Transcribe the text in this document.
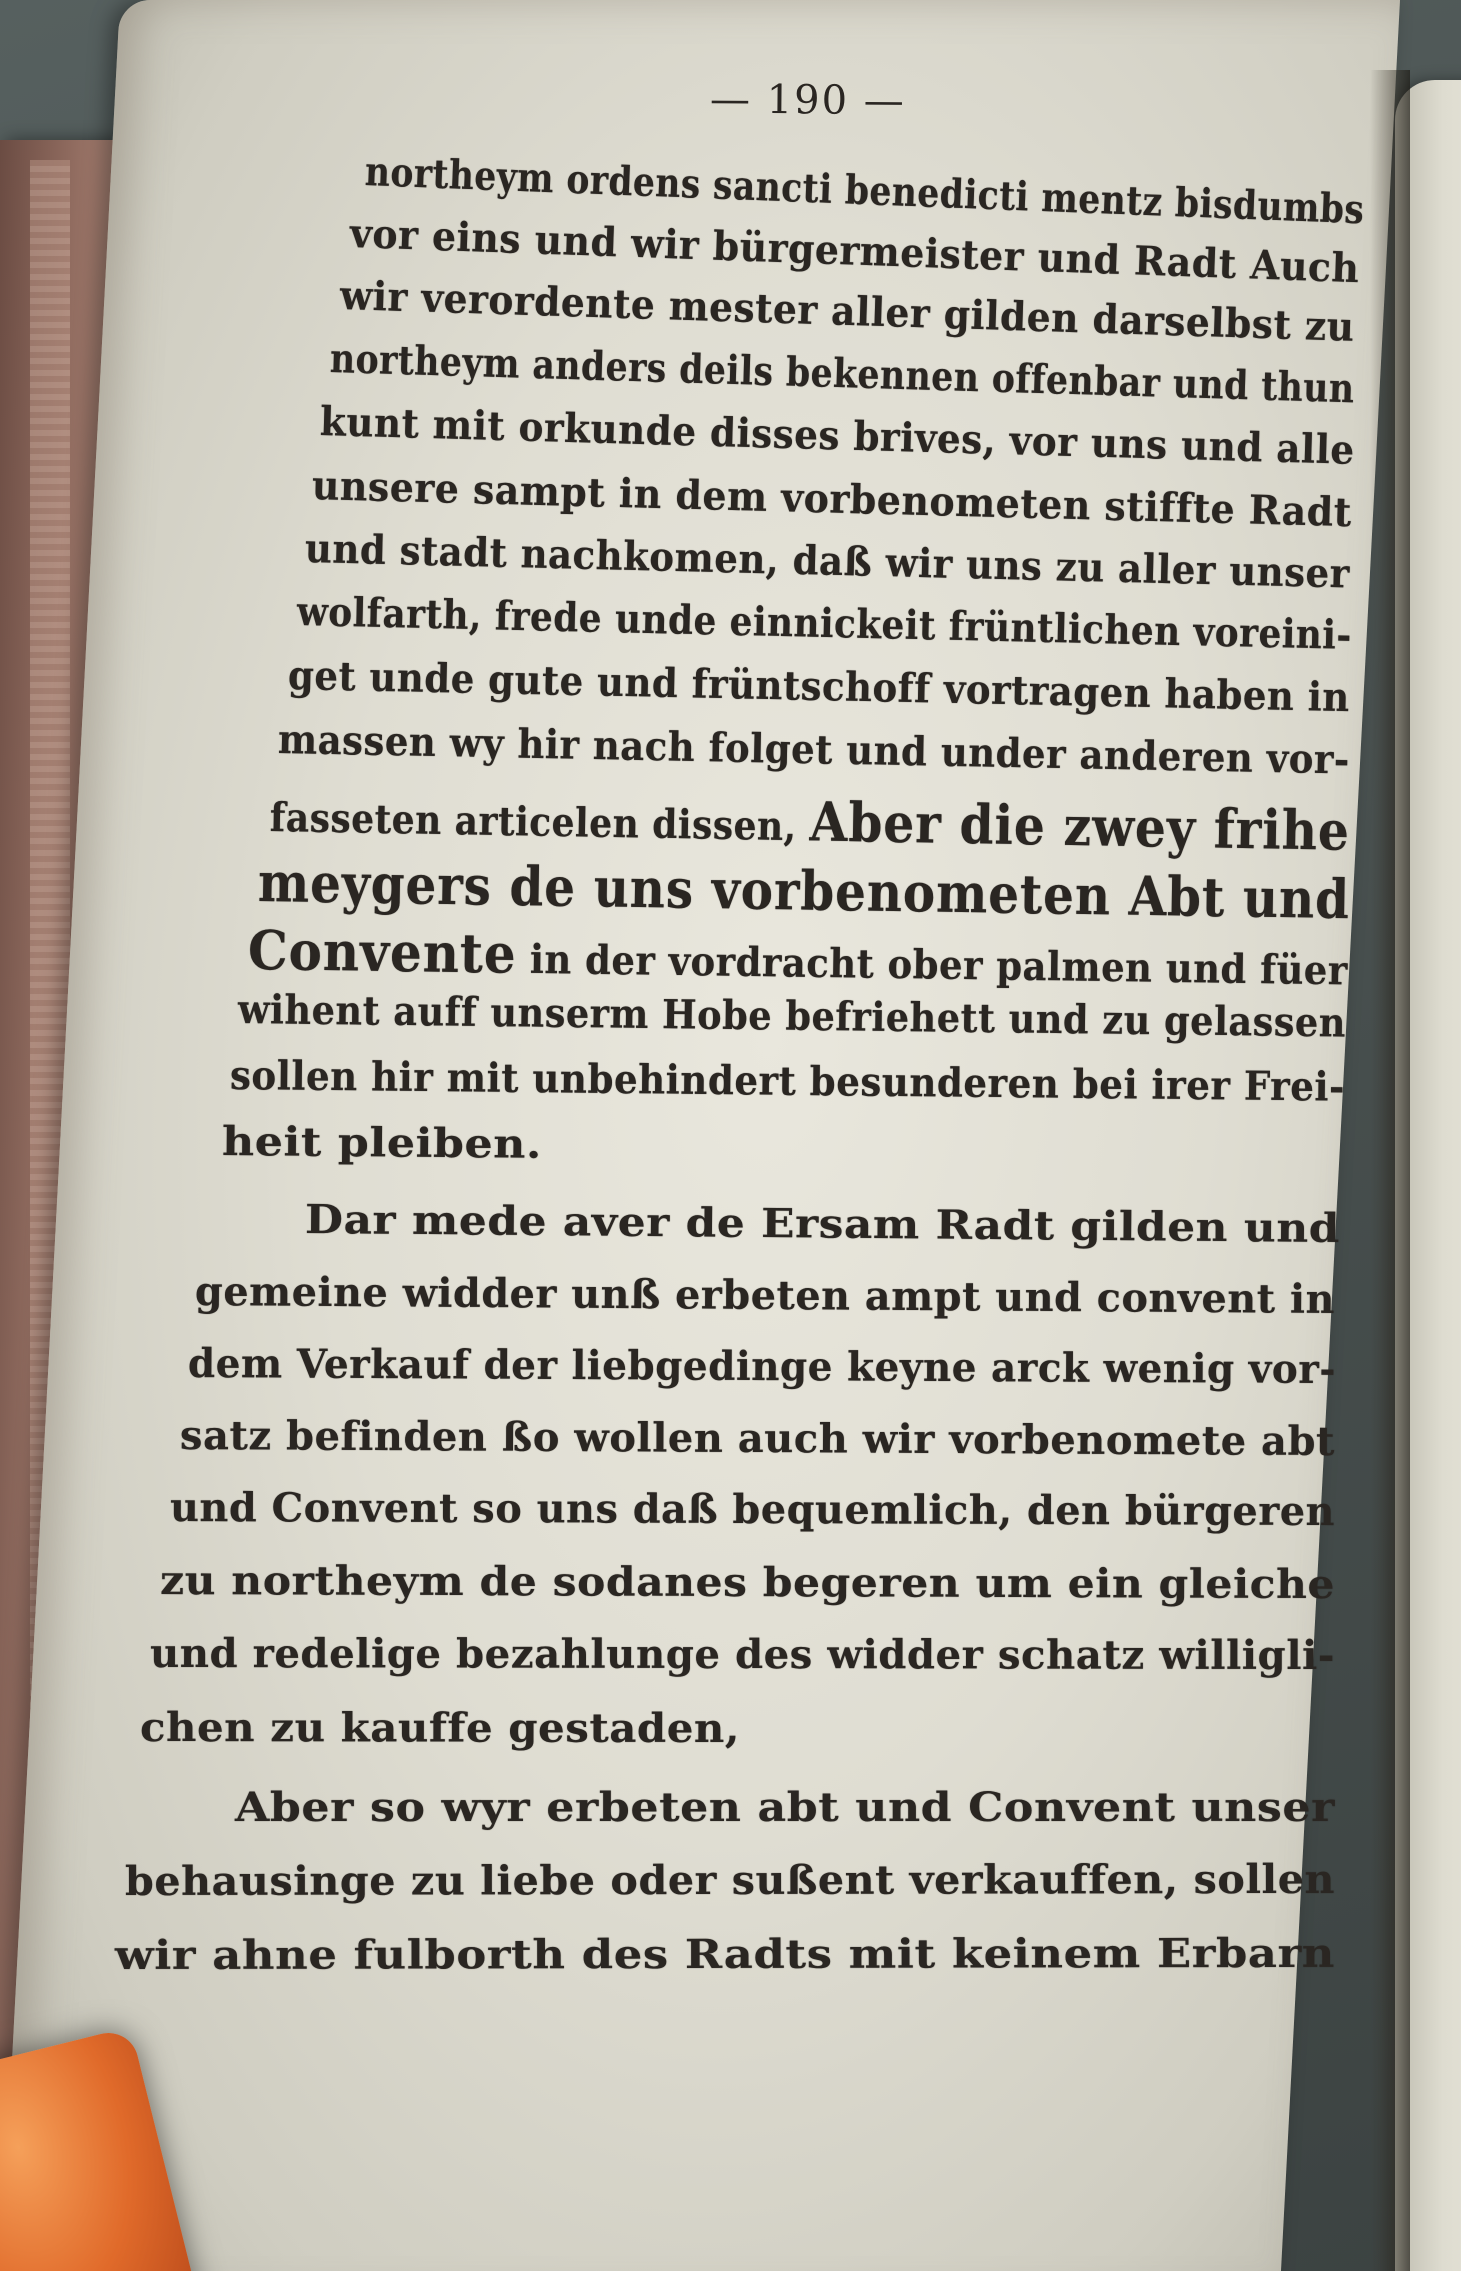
— 190 —
northeym ordens sancti benedicti mentz bisdumbs
vor eins und wir bürgermeister und Radt Auch
wir verordente mester aller gilden darselbst zu
northeym anders deils bekennen offenbar und thun
kunt mit orkunde disses brives, vor uns und alle
unsere sampt in dem vorbenometen stiffte Radt
und stadt nachkomen, daß wir uns zu aller unser
wolfarth, frede unde einnickeit früntlichen voreini-
get unde gute und früntschoff vortragen haben in
massen wy hir nach folget und under anderen vor-
fasseten articelen dissen, Aber die zwey frihe
meygers de uns vorbenometen Abt und
Convente in der vordracht ober palmen und füer
wihent auff unserm Hobe befriehett und zu gelassen
sollen hir mit unbehindert besunderen bei irer Frei-
heit pleiben.
Dar mede aver de Ersam Radt gilden und
gemeine widder unß erbeten ampt und convent in
dem Verkauf der liebgedinge keyne arck wenig vor-
satz befinden ßo wollen auch wir vorbenomete abt
und Convent so uns daß bequemlich, den bürgeren
zu northeym de sodanes begeren um ein gleiche
und redelige bezahlunge des widder schatz willigli-
chen zu kauffe gestaden,
Aber so wyr erbeten abt und Convent unser
behausinge zu liebe oder sußent verkauffen, sollen
wir ahne fulborth des Radts mit keinem Erbarn
